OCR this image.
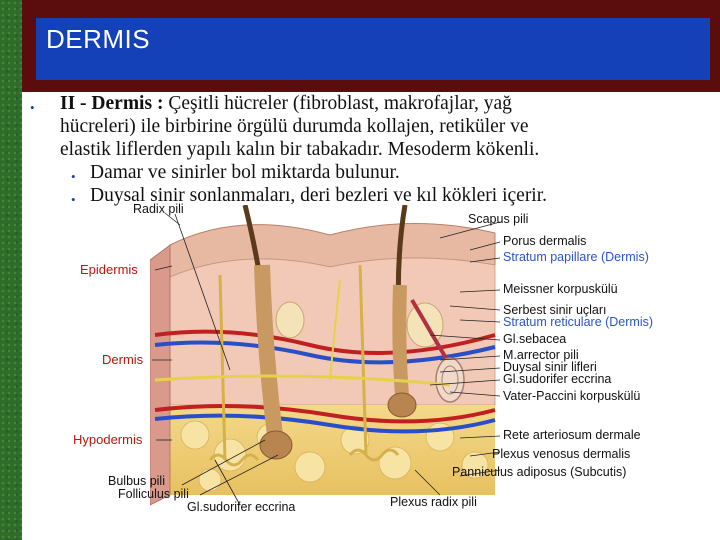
DERMIS
• II - Dermis : Çeşitli hücreler (fibroblast, makrofajlar, yağ
hücreleri) ile birbirine örgülü durumda kollajen, retiküler ve
elastik liflerden yapılı kalın bir tabakadır. Mesoderm kökenli.
• Damar ve sinirler bol miktarda bulunur.
• Duysal sinir sonlanmaları, deri bezleri ve kıl kökleri içerir.
Radix pili
Scapus pili
Porus dermalis
Stratum papillare (Dermis)
Epidermis
Meissner korpuskülü
Serbest sinir uçları
Stratum reticulare (Dermis)
Gl.sebacea
M.arrector pili
Duysal sinir lifleri
Gl.sudorifer eccrina
Dermis
Vater-Paccini korpuskülü
Rete arteriosum dermale
Plexus venosus dermalis
Panniculus adiposus (Subcutis)
Hypodermis
Bulbus pili
Folliculus pili
Gl.sudorifer eccrina	Plexus radix pili
